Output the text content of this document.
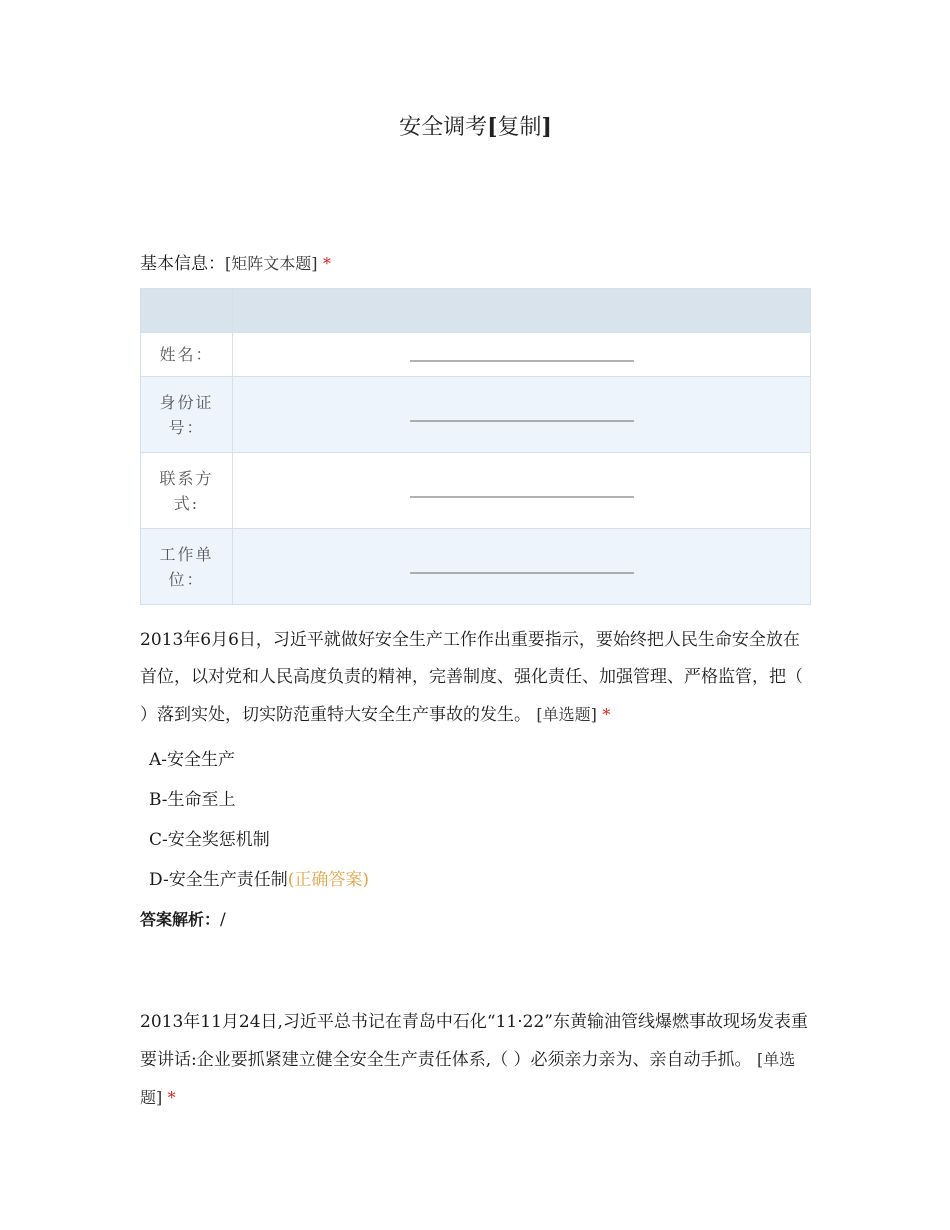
安全调考[复制]
基本信息：[矩阵文本题] *

姓名：	

身份证号：	

联系方式:	

工作单位：	
2013年6月6日，习近平就做好安全生产工作作出重要指示，要始终把人民生命安全放在首位，以对党和人民高度负责的精神，完善制度、强化责任、加强管理、严格监管，把（ ）落到实处，切实防范重特大安全生产事故的发生。 [单选题] *
A-安全生产
B-生命至上
C-安全奖惩机制
D-安全生产责任制(正确答案)
答案解析：/
2013年11月24日,习近平总书记在青岛中石化“11·22”东黄输油管线爆燃事故现场发表重要讲话:企业要抓紧建立健全安全生产责任体系,（ ）必须亲力亲为、亲自动手抓。 [单选题] *
